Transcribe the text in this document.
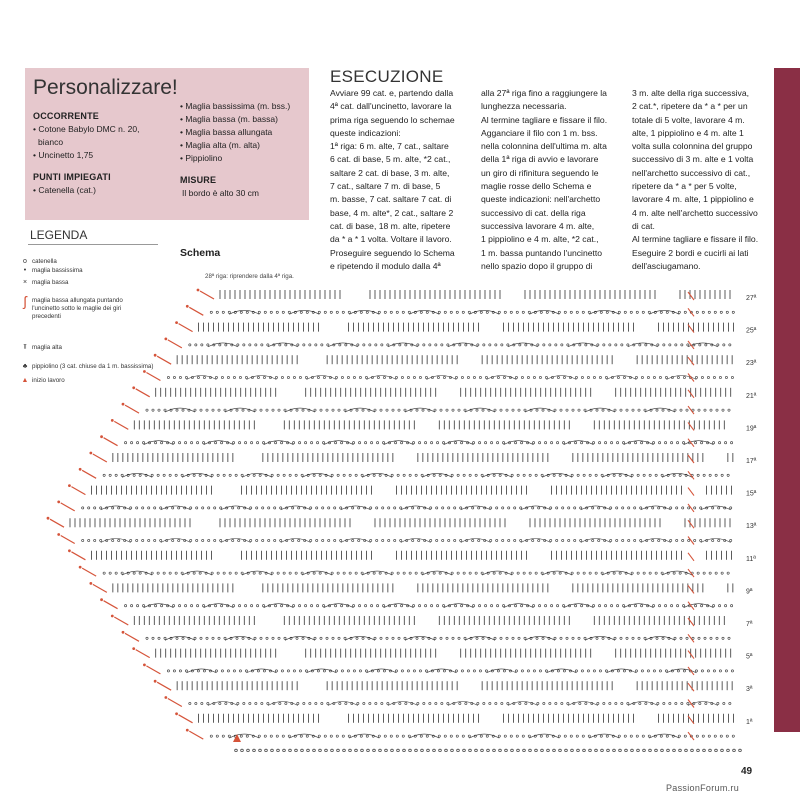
Personalizzare!
OCCORRENTE
• Cotone Babylo DMC n. 20,
bianco
• Uncinetto 1,75
PUNTI IMPIEGATI
• Catenella (cat.)
• Maglia bassissima (m. bss.)
• Maglia bassa (m. bassa)
• Maglia bassa allungata
• Maglia alta (m. alta)
• Pippiolino
MISURE
Il bordo è alto 30 cm
ESECUZIONE
Avviare 99 cat. e, partendo dalla
4ª cat. dall'uncinetto, lavorare la
prima riga seguendo lo schemae
queste indicazioni:
1ª riga: 6 m. alte, 7 cat., saltare
6 cat. di base, 5 m. alte, *2 cat.,
saltare 2 cat. di base, 3 m. alte,
7 cat., saltare 7 m. di base, 5
m. basse, 7 cat. saltare 7 cat. di
base, 4 m. alte*, 2 cat., saltare 2
cat. di base, 18 m. alte, ripetere
da * a * 1 volta. Voltare il lavoro.
Proseguire seguendo lo Schema
e ripetendo il modulo dalla 4ª
alla 27ª riga fino a raggiungere la
lunghezza necessaria.
Al termine tagliare e fissare il filo.
Agganciare il filo con 1 m. bss.
nella colonnina dell'ultima m. alta
della 1ª riga di avvio e lavorare
un giro di rifinitura seguendo le
maglie rosse dello Schema e
queste indicazioni: nell'archetto
successivo di cat. della riga
successiva lavorare 4 m. alte,
1 pippiolino e 4 m. alte, *2 cat.,
1 m. bassa puntando l'uncinetto
nello spazio dopo il gruppo di
3 m. alte della riga successiva,
2 cat.*, ripetere da * a * per un
totale di 5 volte, lavorare 4 m.
alte, 1 pippiolino e 4 m. alte 1
volta sulla colonnina del gruppo
successivo di 3 m. alte e 1 volta
nell'archetto successivo di cat.,
ripetere da * a * per 5 volte,
lavorare 4 m. alte, 1 pippiolino e
4 m. alte nell'archetto successivo
di cat.
Al termine tagliare e fissare il filo.
Eseguire 2 bordi e cucirli ai lati
dell'asciugamano.
LEGENDA
o catenella
• maglia bassissima
× maglia bassa
ʃ maglia bassa allungata puntando l'uncinetto sotto le maglie dei giri precedenti
⫪ maglia alta
♣ pippiolino (3 cat. chiuse da 1 m. bassissima)
▲ inizio lavoro
Schema
28ª riga: riprendere dalla 4ª riga.
27ª
25ª
23ª
21ª
19ª
17ª
15ª
13ª
11ª
9ª
7ª
5ª
3ª
1ª
49
PassionForum.ru
